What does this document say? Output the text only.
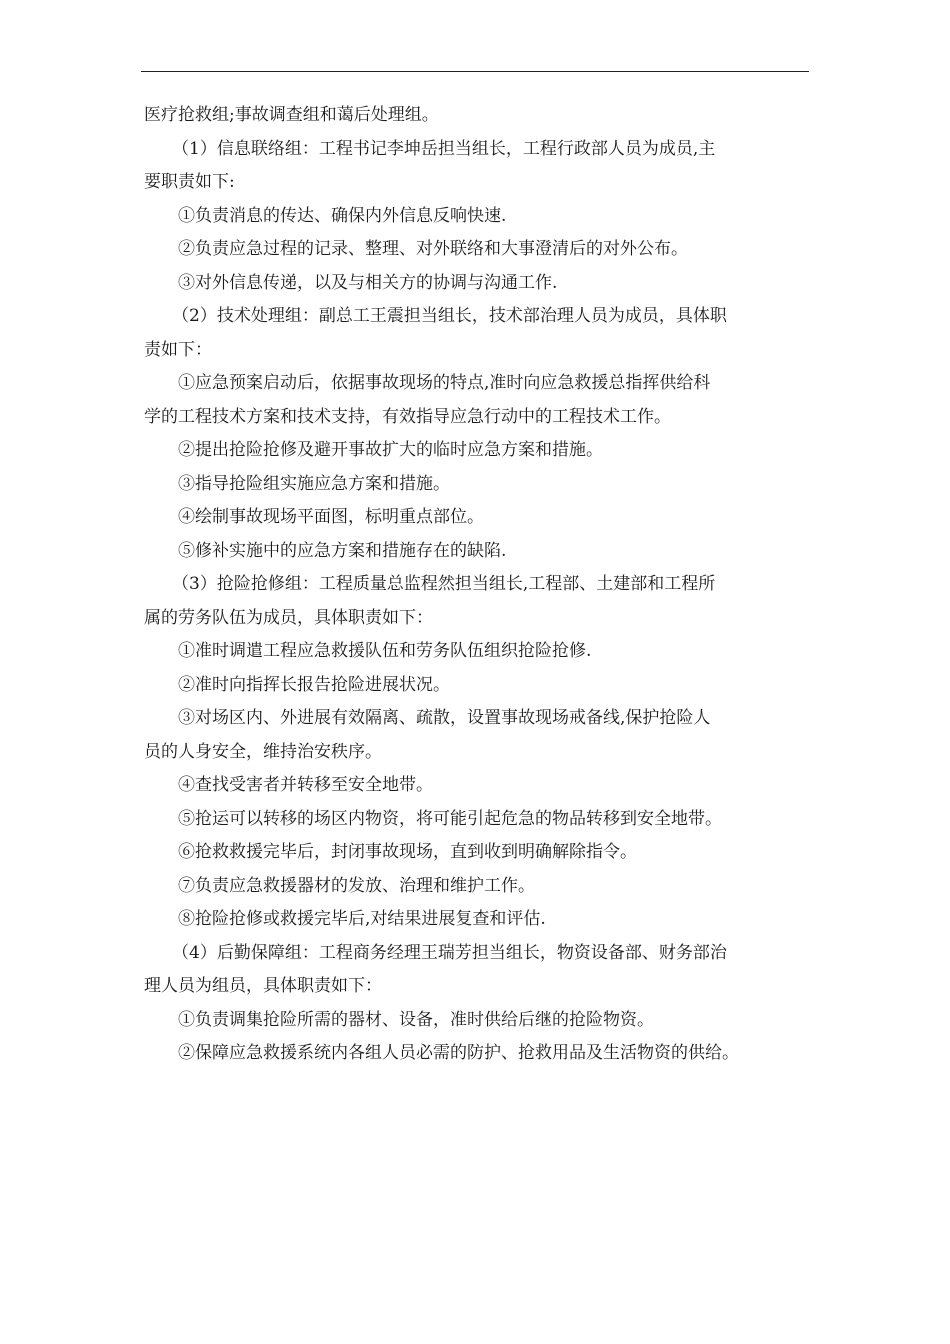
医疗抢救组;事故调查组和蔼后处理组。
（1）信息联络组：工程书记李坤岳担当组长，工程行政部人员为成员,主
要职责如下:
①负责消息的传达、确保内外信息反响快速.
②负责应急过程的记录、整理、对外联络和大事澄清后的对外公布。
③对外信息传递，以及与相关方的协调与沟通工作.
（2）技术处理组：副总工王震担当组长，技术部治理人员为成员，具体职
责如下：
①应急预案启动后，依据事故现场的特点,准时向应急救援总指挥供给科
学的工程技术方案和技术支持，有效指导应急行动中的工程技术工作。
②提出抢险抢修及避开事故扩大的临时应急方案和措施。
③指导抢险组实施应急方案和措施。
④绘制事故现场平面图，标明重点部位。
⑤修补实施中的应急方案和措施存在的缺陷.
（3）抢险抢修组：工程质量总监程然担当组长,工程部、土建部和工程所
属的劳务队伍为成员，具体职责如下：
①准时调遣工程应急救援队伍和劳务队伍组织抢险抢修.
②准时向指挥长报告抢险进展状况。
③对场区内、外进展有效隔离、疏散，设置事故现场戒备线,保护抢险人
员的人身安全，维持治安秩序。
④查找受害者并转移至安全地带。
⑤抢运可以转移的场区内物资，将可能引起危急的物品转移到安全地带。
⑥抢救救援完毕后，封闭事故现场，直到收到明确解除指令。
⑦负责应急救援器材的发放、治理和维护工作。
⑧抢险抢修或救援完毕后,对结果进展复查和评估.
（4）后勤保障组：工程商务经理王瑞芳担当组长，物资设备部、财务部治
理人员为组员，具体职责如下：
①负责调集抢险所需的器材、设备，准时供给后继的抢险物资。
②保障应急救援系统内各组人员必需的防护、抢救用品及生活物资的供给。
